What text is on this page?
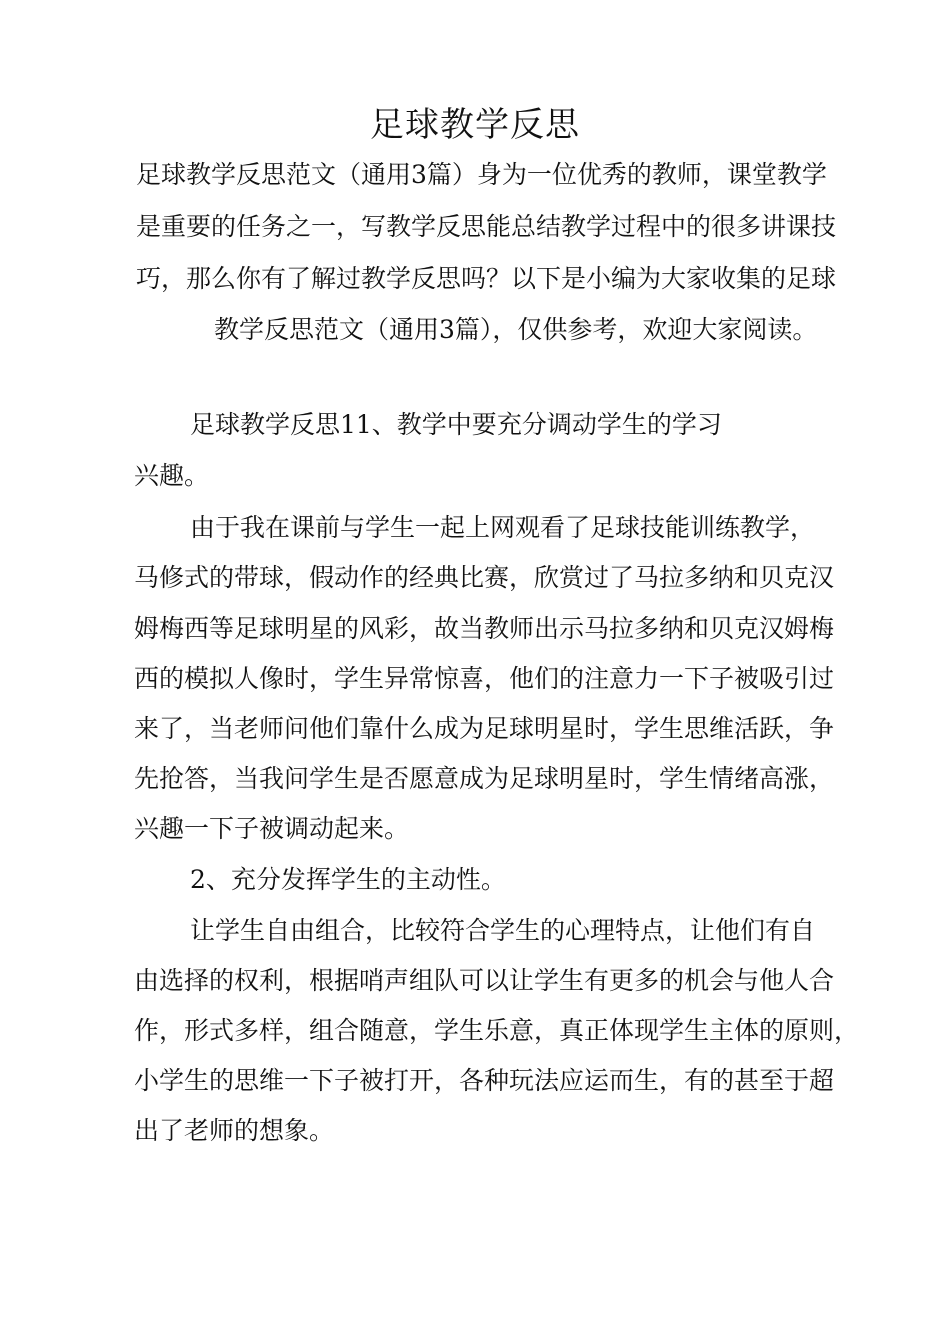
足球教学反思
足球教学反思范文（通用3篇）身为一位优秀的教师，课堂教学
是重要的任务之一，写教学反思能总结教学过程中的很多讲课技
巧，那么你有了解过教学反思吗？以下是小编为大家收集的足球
教学反思范文（通用3篇），仅供参考，欢迎大家阅读。
足球教学反思11、教学中要充分调动学生的学习
兴趣。
由于我在课前与学生一起上网观看了足球技能训练教学，
马修式的带球，假动作的经典比赛，欣赏过了马拉多纳和贝克汉
姆梅西等足球明星的风彩，故当教师出示马拉多纳和贝克汉姆梅
西的模拟人像时，学生异常惊喜，他们的注意力一下子被吸引过
来了，当老师问他们靠什么成为足球明星时，学生思维活跃，争
先抢答，当我问学生是否愿意成为足球明星时，学生情绪高涨，
兴趣一下子被调动起来。
2、充分发挥学生的主动性。
让学生自由组合，比较符合学生的心理特点，让他们有自
由选择的权利，根据哨声组队可以让学生有更多的机会与他人合
作，形式多样，组合随意，学生乐意，真正体现学生主体的原则，
小学生的思维一下子被打开，各种玩法应运而生，有的甚至于超
出了老师的想象。
